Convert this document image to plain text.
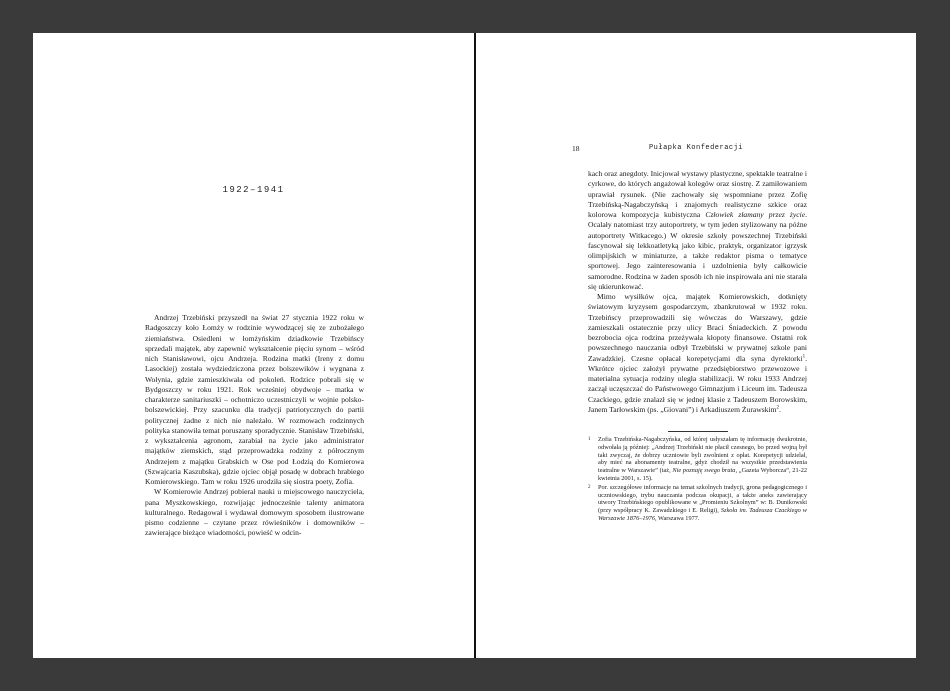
1922–1941

Andrzej Trzebiński przyszedł na świat 27 stycznia 1922 roku w Radgoszczy koło Łomży w rodzinie wywodzącej się ze zubożałego ziemiaństwa. Osiedleni w łomżyńskim dziadkowie Trzebińscy sprzedali majątek, aby zapewnić wykształcenie pięciu synom – wśród nich Stanisławowi, ojcu Andrzeja. Rodzina matki (Ireny z domu Lasockiej) została wydziedziczona przez bolszewików i wygnana z Wołynia, gdzie zamieszkiwała od pokoleń. Rodzice pobrali się w Bydgoszczy w roku 1921. Rok wcześniej obydwoje – matka w charakterze sanitariuszki – ochotniczo uczestniczyli w wojnie polsko-bolszewickiej. Przy szacunku dla tradycji patriotycznych do partii politycznej żadne z nich nie należało. W rozmowach rodzinnych polityka stanowiła temat poruszany sporadycznie. Stanisław Trzebiński, z wykształcenia agronom, zarabiał na życie jako administrator majątków ziemskich, stąd przeprowadzka rodziny z półrocznym Andrzejem z majątku Grabskich w Ose pod Łodzią do Komierowa (Szwajcaria Kaszubska), gdzie ojciec objął posadę w dobrach hrabiego Komierowskiego. Tam w roku 1926 urodziła się siostra poety, Zofia.

W Komierowie Andrzej pobierał nauki u miejscowego nauczyciela, pana Myszkowskiego, rozwijając jednocześnie talenty animatora kulturalnego. Redagował i wydawał domowym sposobem ilustrowane pismo codzienne – czytane przez rówieśników i domowników – zawierające bieżące wiadomości, powieść w odcin-

18	Pułapka Konfederacji

kach oraz anegdoty. Inicjował wystawy plastyczne, spektakle teatralne i cyrkowe, do których angażował kolegów oraz siostrę. Z zamiłowaniem uprawiał rysunek. (Nie zachowały się wspomniane przez Zofię Trzebińską-Nagabczyńską i znajomych realistyczne szkice oraz kolorowa kompozycja kubistyczna Człowiek złamany przez życie. Ocalały natomiast trzy autoportrety, w tym jeden stylizowany na późne autoportrety Witkacego.) W okresie szkoły powszechnej Trzebiński fascynował się lekkoatletyką jako kibic, praktyk, organizator igrzysk olimpijskich w miniaturze, a także redaktor pisma o tematyce sportowej. Jego zainteresowania i uzdolnienia były całkowicie samorodne. Rodzina w żaden sposób ich nie inspirowała ani nie starała się ukierunkować.

Mimo wysiłków ojca, majątek Komierowskich, dotknięty światowym kryzysem gospodarczym, zbankrutował w 1932 roku. Trzebińscy przeprowadzili się wówczas do Warszawy, gdzie zamieszkali ostatecznie przy ulicy Braci Śniadeckich. Z powodu bezrobocia ojca rodzina przeżywała kłopoty finansowe. Ostatni rok powszechnego nauczania odbył Trzebiński w prywatnej szkole pani Zawadzkiej. Czesne opłacał korepetycjami dla syna dyrektorki$^1$. Wkrótce ojciec założył prywatne przedsiębiorstwo przewozowe i materialna sytuacja rodziny uległa stabilizacji. W roku 1933 Andrzej zaczął uczęszczać do Państwowego Gimnazjum i Liceum im. Tadeusza Czackiego, gdzie znalazł się w jednej klasie z Tadeuszem Borowskim, Janem Tarłowskim (ps. „Giovani”) i Arkadiuszem Żurawskim$^2$.

1 Zofia Trzebińska-Nagabczyńska, od której usłyszałam tę informację dwukrotnie, odwołała ją później: „Andrzej Trzebiński nie płacił czesnego, bo przed wojną był taki zwyczaj, że dobrzy uczniowie byli zwolnieni z opłat. Korepetycji udzielał, aby mieć na abonamenty teatralne, gdyż chodził na wszystkie przedstawienia teatralne w Warszawie” (taż, Nie poznaję swego brata, „Gazeta Wyborcza”, 21-22 kwietnia 2001, s. 15).
2 Por. szczegółowe informacje na temat szkolnych tradycji, grona pedagogicznego i uczniowskiego, trybu nauczania podczas okupacji, a także aneks zawierający utwory Trzebińskiego opublikowane w „Promieniu Szkolnym” w: B. Dunikowski (przy współpracy K. Zawadzkiego i E. Religi), Szkoła im. Tadeusza Czackiego w Warszawie 1876–1976, Warszawa 1977.
